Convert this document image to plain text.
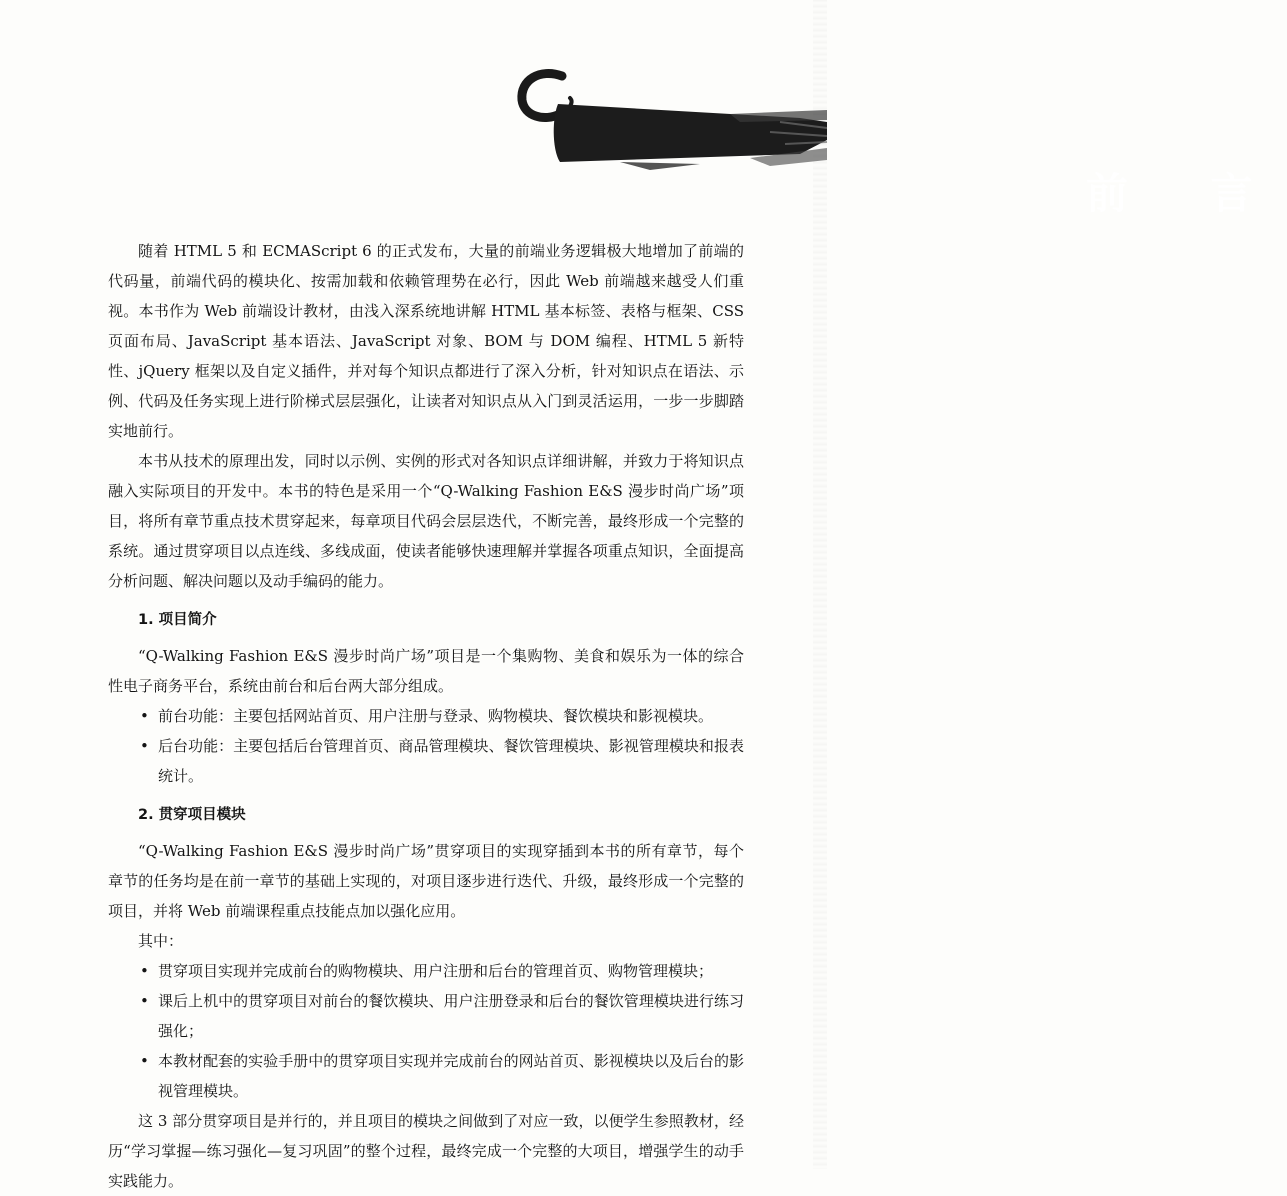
前 言

随着 HTML 5 和 ECMAScript 6 的正式发布，大量的前端业务逻辑极大地增加了前端的代码量，前端代码的模块化、按需加载和依赖管理势在必行，因此 Web 前端越来越受人们重视。本书作为 Web 前端设计教材，由浅入深系统地讲解 HTML 基本标签、表格与框架、CSS 页面布局、JavaScript 基本语法、JavaScript 对象、BOM 与 DOM 编程、HTML 5 新特性、jQuery 框架以及自定义插件，并对每个知识点都进行了深入分析，针对知识点在语法、示例、代码及任务实现上进行阶梯式层层强化，让读者对知识点从入门到灵活运用，一步一步脚踏实地前行。

本书从技术的原理出发，同时以示例、实例的形式对各知识点详细讲解，并致力于将知识点融入实际项目的开发中。本书的特色是采用一个“Q-Walking Fashion E&S 漫步时尚广场”项目，将所有章节重点技术贯穿起来，每章项目代码会层层迭代，不断完善，最终形成一个完整的系统。通过贯穿项目以点连线、多线成面，使读者能够快速理解并掌握各项重点知识，全面提高分析问题、解决问题以及动手编码的能力。

1. 项目简介

“Q-Walking Fashion E&S 漫步时尚广场”项目是一个集购物、美食和娱乐为一体的综合性电子商务平台，系统由前台和后台两大部分组成。

• 前台功能：主要包括网站首页、用户注册与登录、购物模块、餐饮模块和影视模块。
• 后台功能：主要包括后台管理首页、商品管理模块、餐饮管理模块、影视管理模块和报表统计。
2. 贯穿项目模块

“Q-Walking Fashion E&S 漫步时尚广场”贯穿项目的实现穿插到本书的所有章节，每个章节的任务均是在前一章节的基础上实现的，对项目逐步进行迭代、升级，最终形成一个完整的项目，并将 Web 前端课程重点技能点加以强化应用。

其中：

• 贯穿项目实现并完成前台的购物模块、用户注册和后台的管理首页、购物管理模块；
• 课后上机中的贯穿项目对前台的餐饮模块、用户注册登录和后台的餐饮管理模块进行练习强化；
• 本教材配套的实验手册中的贯穿项目实现并完成前台的网站首页、影视模块以及后台的影视管理模块。

这 3 部分贯穿项目是并行的，并且项目的模块之间做到了对应一致，以便学生参照教材，经历“学习掌握—练习强化—复习巩固”的整个过程，最终完成一个完整的大项目，增强学生的动手实践能力。
